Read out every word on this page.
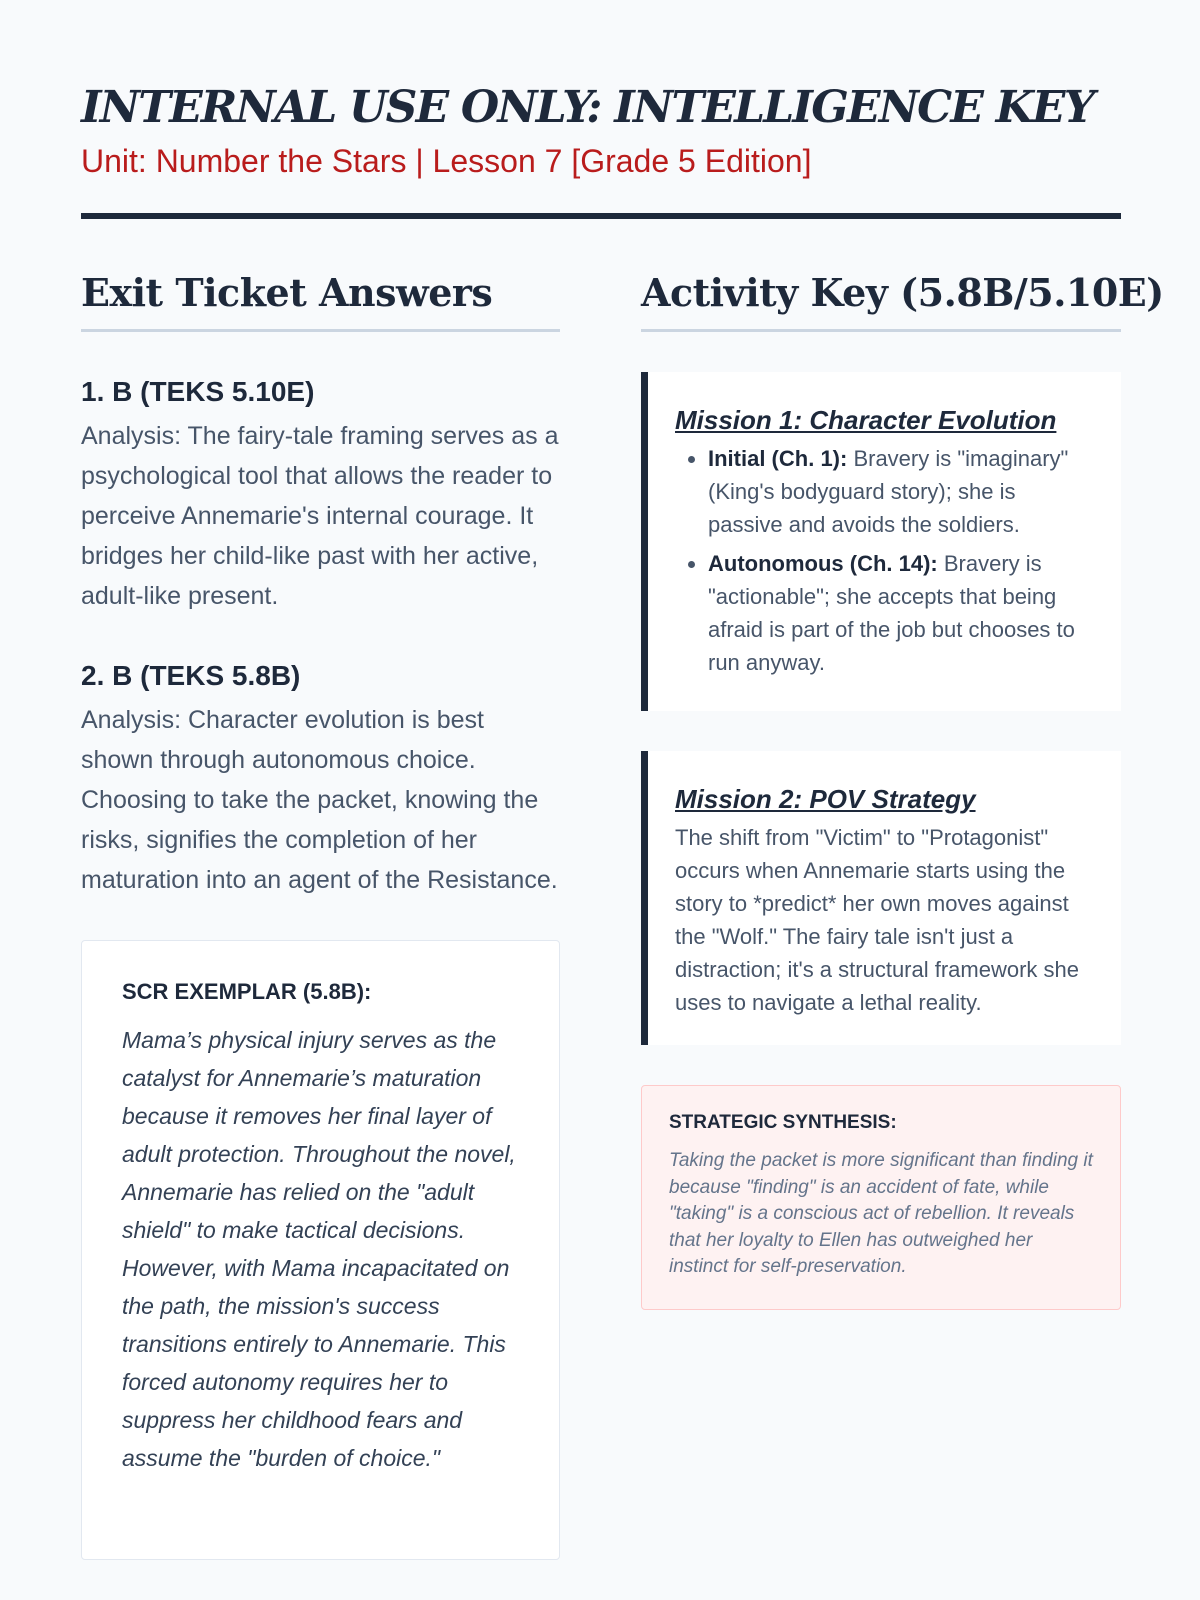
INTERNAL USE ONLY: INTELLIGENCE KEY

Unit: Number the Stars | Lesson 7 [Grade 5 Edition]

Exit Ticket Answers
1. B (TEKS 5.10E)

Analysis: The fairy-tale framing serves as a psychological tool that allows the reader to perceive Annemarie's internal courage. It bridges her child-like past with her active, adult-like present.

2. B (TEKS 5.8B)

Analysis: Character evolution is best shown through autonomous choice. Choosing to take the packet, knowing the risks, signifies the completion of her maturation into an agent of the Resistance.

SCR EXEMPLAR (5.8B):

Mama’s physical injury serves as the catalyst for Annemarie’s maturation because it removes her final layer of adult protection. Throughout the novel, Annemarie has relied on the "adult shield" to make tactical decisions. However, with Mama incapacitated on the path, the mission's success transitions entirely to Annemarie. This forced autonomy requires her to suppress her childhood fears and assume the "burden of choice."

Activity Key (5.8B/5.10E)
Mission 1: Character Evolution
• Initial (Ch. 1): Bravery is "imaginary" (King's bodyguard story); she is passive and avoids the soldiers.
• Autonomous (Ch. 14): Bravery is "actionable"; she accepts that being afraid is part of the job but chooses to run anyway.
Mission 2: POV Strategy

The shift from "Victim" to "Protagonist" occurs when Annemarie starts using the story to *predict* her own moves against the "Wolf." The fairy tale isn't just a distraction; it's a structural framework she uses to navigate a lethal reality.

STRATEGIC SYNTHESIS:

Taking the packet is more significant than finding it because "finding" is an accident of fate, while "taking" is a conscious act of rebellion. It reveals that her loyalty to Ellen has outweighed her instinct for self-preservation.
